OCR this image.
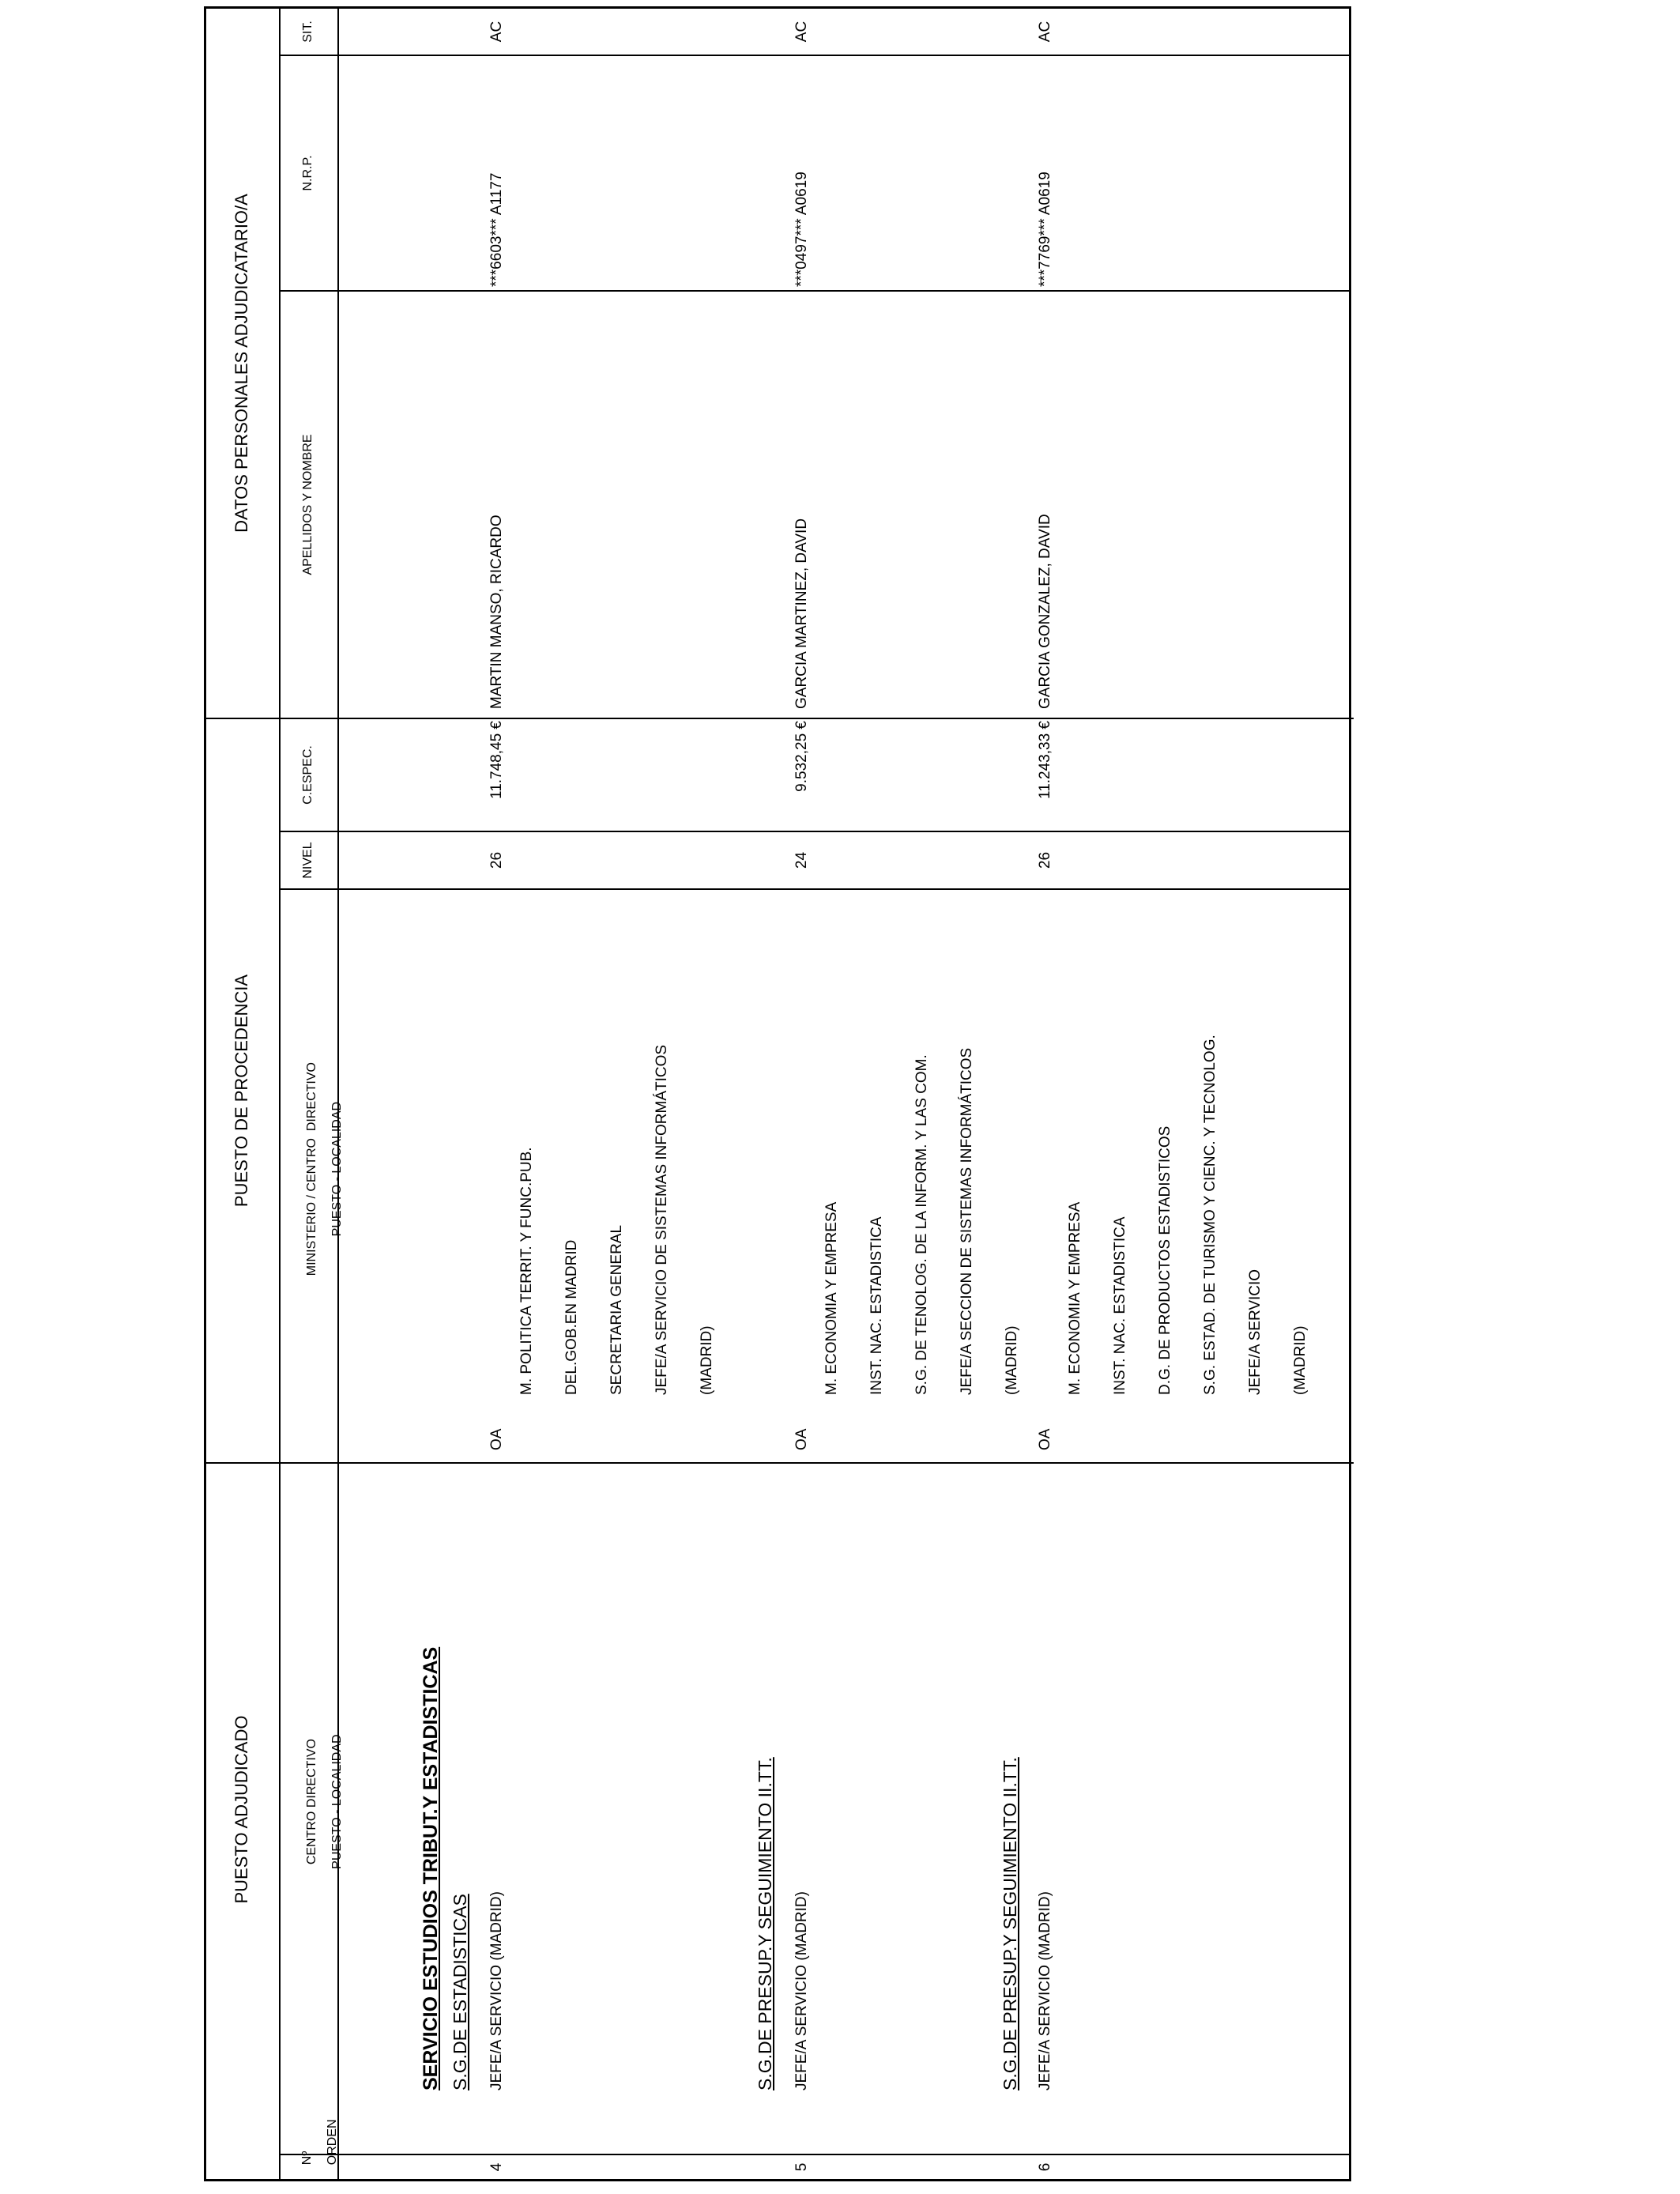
PUESTO ADJUDICADO
PUESTO DE PROCEDENCIA
DATOS PERSONALES ADJUDICATARIO/A

Nº ORDEN

CENTRO DIRECTIVO PUESTO - LOCALIDAD

MINISTERIO / CENTRO  DIRECTIVO PUESTO - LOCALIDAD

NIVEL
C.ESPEC.
APELLIDOS Y NOMBRE
N.R.P.
SIT.
SERVICIO ESTUDIOS TRIBUT.Y ESTADISTICAS S.G.DE ESTADISTICAS
4
JEFE/A SERVICIO (MADRID)
OA

M. POLITICA TERRIT. Y FUNC.PUB.

DEL.GOB.EN MADRID

SECRETARIA GENERAL

JEFE/A SERVICIO DE SISTEMAS INFORMÁTICOS

(MADRID)

26
11.748,45 €
MARTIN MANSO, RICARDO
***6603*** A1177
AC
S.G.DE PRESUP.Y SEGUIMIENTO II.TT.
5
JEFE/A SERVICIO (MADRID)
OA

M. ECONOMIA Y EMPRESA

INST. NAC. ESTADISTICA

S.G. DE TENOLOG. DE LA INFORM. Y LAS COM.

JEFE/A SECCION DE SISTEMAS INFORMÁTICOS

(MADRID)

24
9.532,25 €
GARCIA MARTINEZ, DAVID
***0497*** A0619
AC
S.G.DE PRESUP.Y SEGUIMIENTO II.TT.
6
JEFE/A SERVICIO (MADRID)
OA

M. ECONOMIA Y EMPRESA

INST. NAC. ESTADISTICA

D.G. DE PRODUCTOS ESTADISTICOS

S.G. ESTAD. DE TURISMO Y CIENC. Y TECNOLOG.

JEFE/A SERVICIO

(MADRID)

26
11.243,33 €
GARCIA GONZALEZ, DAVID
***7769*** A0619
AC
